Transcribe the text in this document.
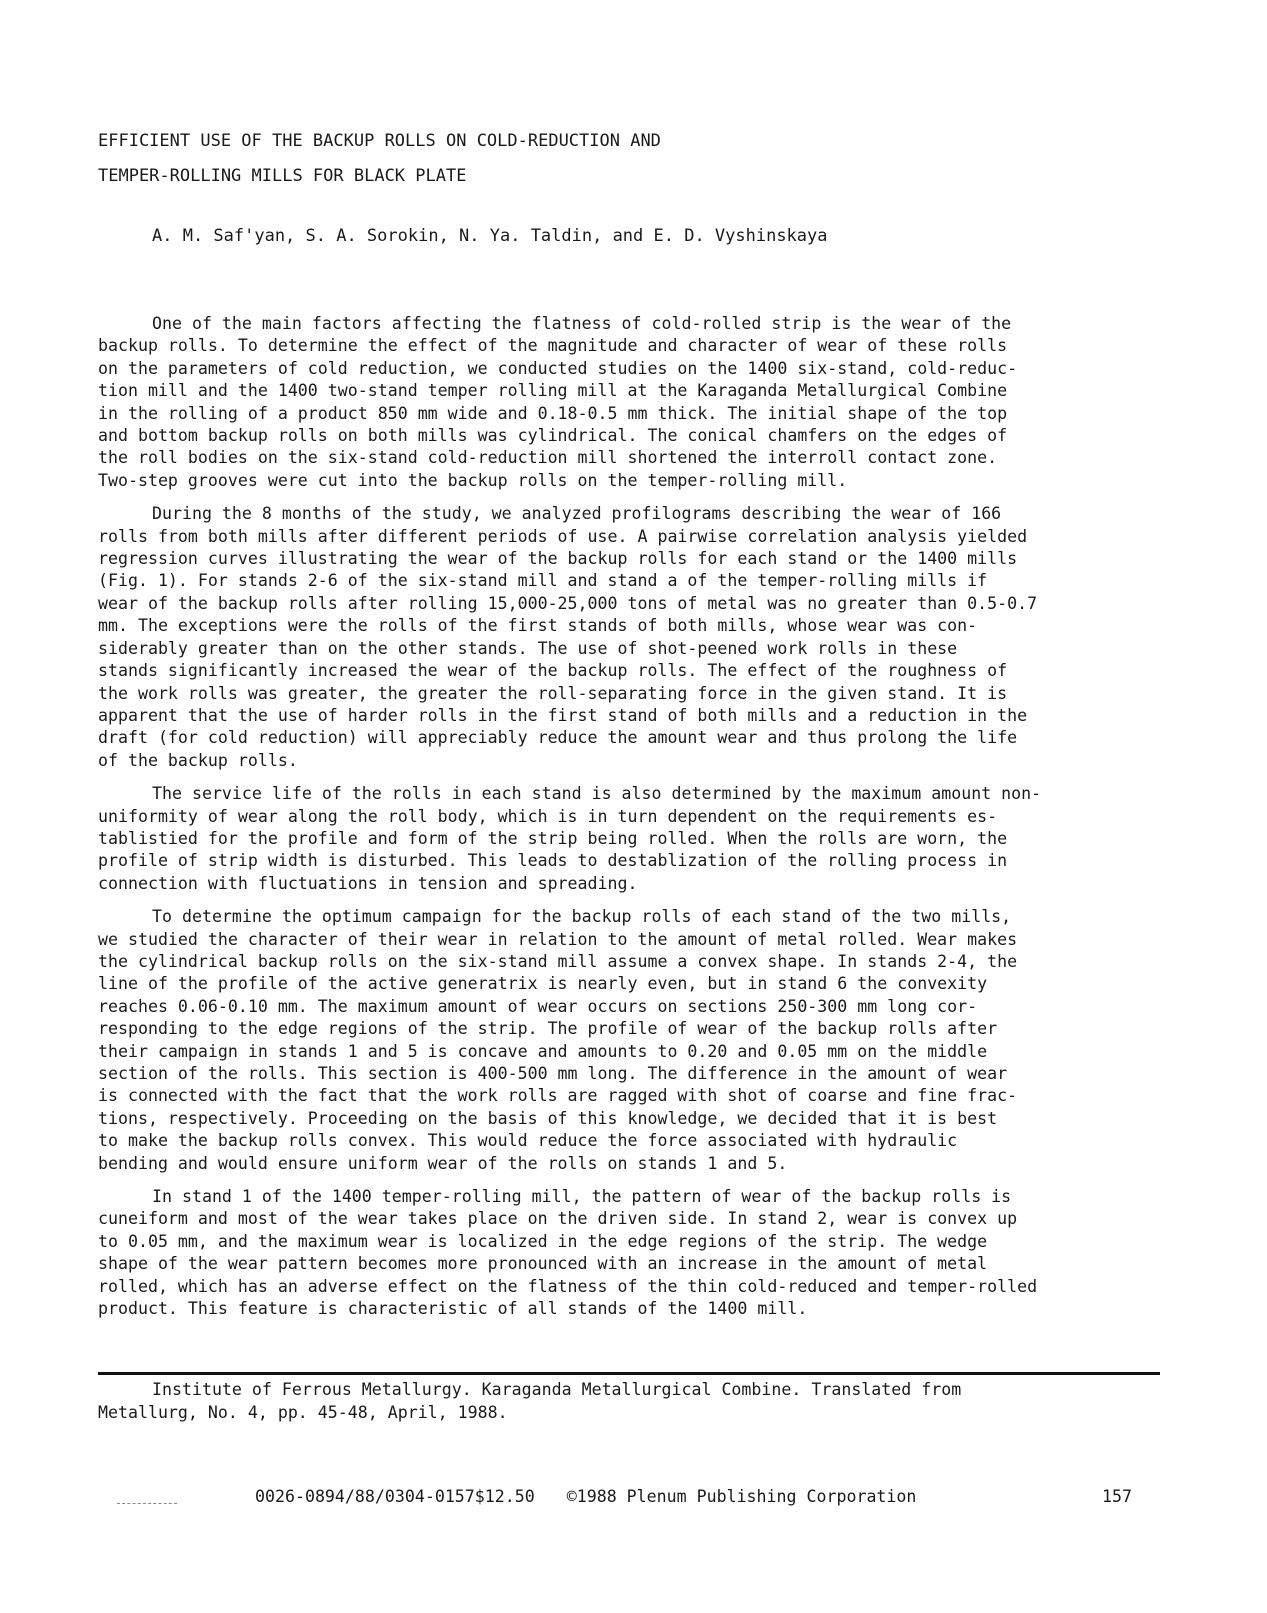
EFFICIENT USE OF THE BACKUP ROLLS ON COLD-REDUCTION AND
TEMPER-ROLLING MILLS FOR BLACK PLATE

A. M. Saf'yan, S. A. Sorokin, N. Ya. Taldin, and E. D. Vyshinskaya

One of the main factors affecting the flatness of cold-rolled strip is the wear of the
backup rolls. To determine the effect of the magnitude and character of wear of these rolls
on the parameters of cold reduction, we conducted studies on the 1400 six-stand, cold-reduc-
tion mill and the 1400 two-stand temper rolling mill at the Karaganda Metallurgical Combine
in the rolling of a product 850 mm wide and 0.18-0.5 mm thick. The initial shape of the top
and bottom backup rolls on both mills was cylindrical. The conical chamfers on the edges of
the roll bodies on the six-stand cold-reduction mill shortened the interroll contact zone.
Two-step grooves were cut into the backup rolls on the temper-rolling mill.

During the 8 months of the study, we analyzed profilograms describing the wear of 166
rolls from both mills after different periods of use. A pairwise correlation analysis yielded
regression curves illustrating the wear of the backup rolls for each stand or the 1400 mills
(Fig. 1). For stands 2-6 of the six-stand mill and stand a of the temper-rolling mills if
wear of the backup rolls after rolling 15,000-25,000 tons of metal was no greater than 0.5-0.7
mm. The exceptions were the rolls of the first stands of both mills, whose wear was con-
siderably greater than on the other stands. The use of shot-peened work rolls in these
stands significantly increased the wear of the backup rolls. The effect of the roughness of
the work rolls was greater, the greater the roll-separating force in the given stand. It is
apparent that the use of harder rolls in the first stand of both mills and a reduction in the
draft (for cold reduction) will appreciably reduce the amount wear and thus prolong the life
of the backup rolls.

The service life of the rolls in each stand is also determined by the maximum amount non-
uniformity of wear along the roll body, which is in turn dependent on the requirements es-
tablistied for the profile and form of the strip being rolled. When the rolls are worn, the
profile of strip width is disturbed. This leads to destablization of the rolling process in
connection with fluctuations in tension and spreading.

To determine the optimum campaign for the backup rolls of each stand of the two mills,
we studied the character of their wear in relation to the amount of metal rolled. Wear makes
the cylindrical backup rolls on the six-stand mill assume a convex shape. In stands 2-4, the
line of the profile of the active generatrix is nearly even, but in stand 6 the convexity
reaches 0.06-0.10 mm. The maximum amount of wear occurs on sections 250-300 mm long cor-
responding to the edge regions of the strip. The profile of wear of the backup rolls after
their campaign in stands 1 and 5 is concave and amounts to 0.20 and 0.05 mm on the middle
section of the rolls. This section is 400-500 mm long. The difference in the amount of wear
is connected with the fact that the work rolls are ragged with shot of coarse and fine frac-
tions, respectively. Proceeding on the basis of this knowledge, we decided that it is best
to make the backup rolls convex. This would reduce the force associated with hydraulic
bending and would ensure uniform wear of the rolls on stands 1 and 5.

In stand 1 of the 1400 temper-rolling mill, the pattern of wear of the backup rolls is
cuneiform and most of the wear takes place on the driven side. In stand 2, wear is convex up
to 0.05 mm, and the maximum wear is localized in the edge regions of the strip. The wedge
shape of the wear pattern becomes more pronounced with an increase in the amount of metal
rolled, which has an adverse effect on the flatness of the thin cold-reduced and temper-rolled
product. This feature is characteristic of all stands of the 1400 mill.

Institute of Ferrous Metallurgy. Karaganda Metallurgical Combine. Translated from
Metallurg, No. 4, pp. 45-48, April, 1988.
0026-0894/88/0304-0157$12.50 ©1988 Plenum Publishing Corporation	157
